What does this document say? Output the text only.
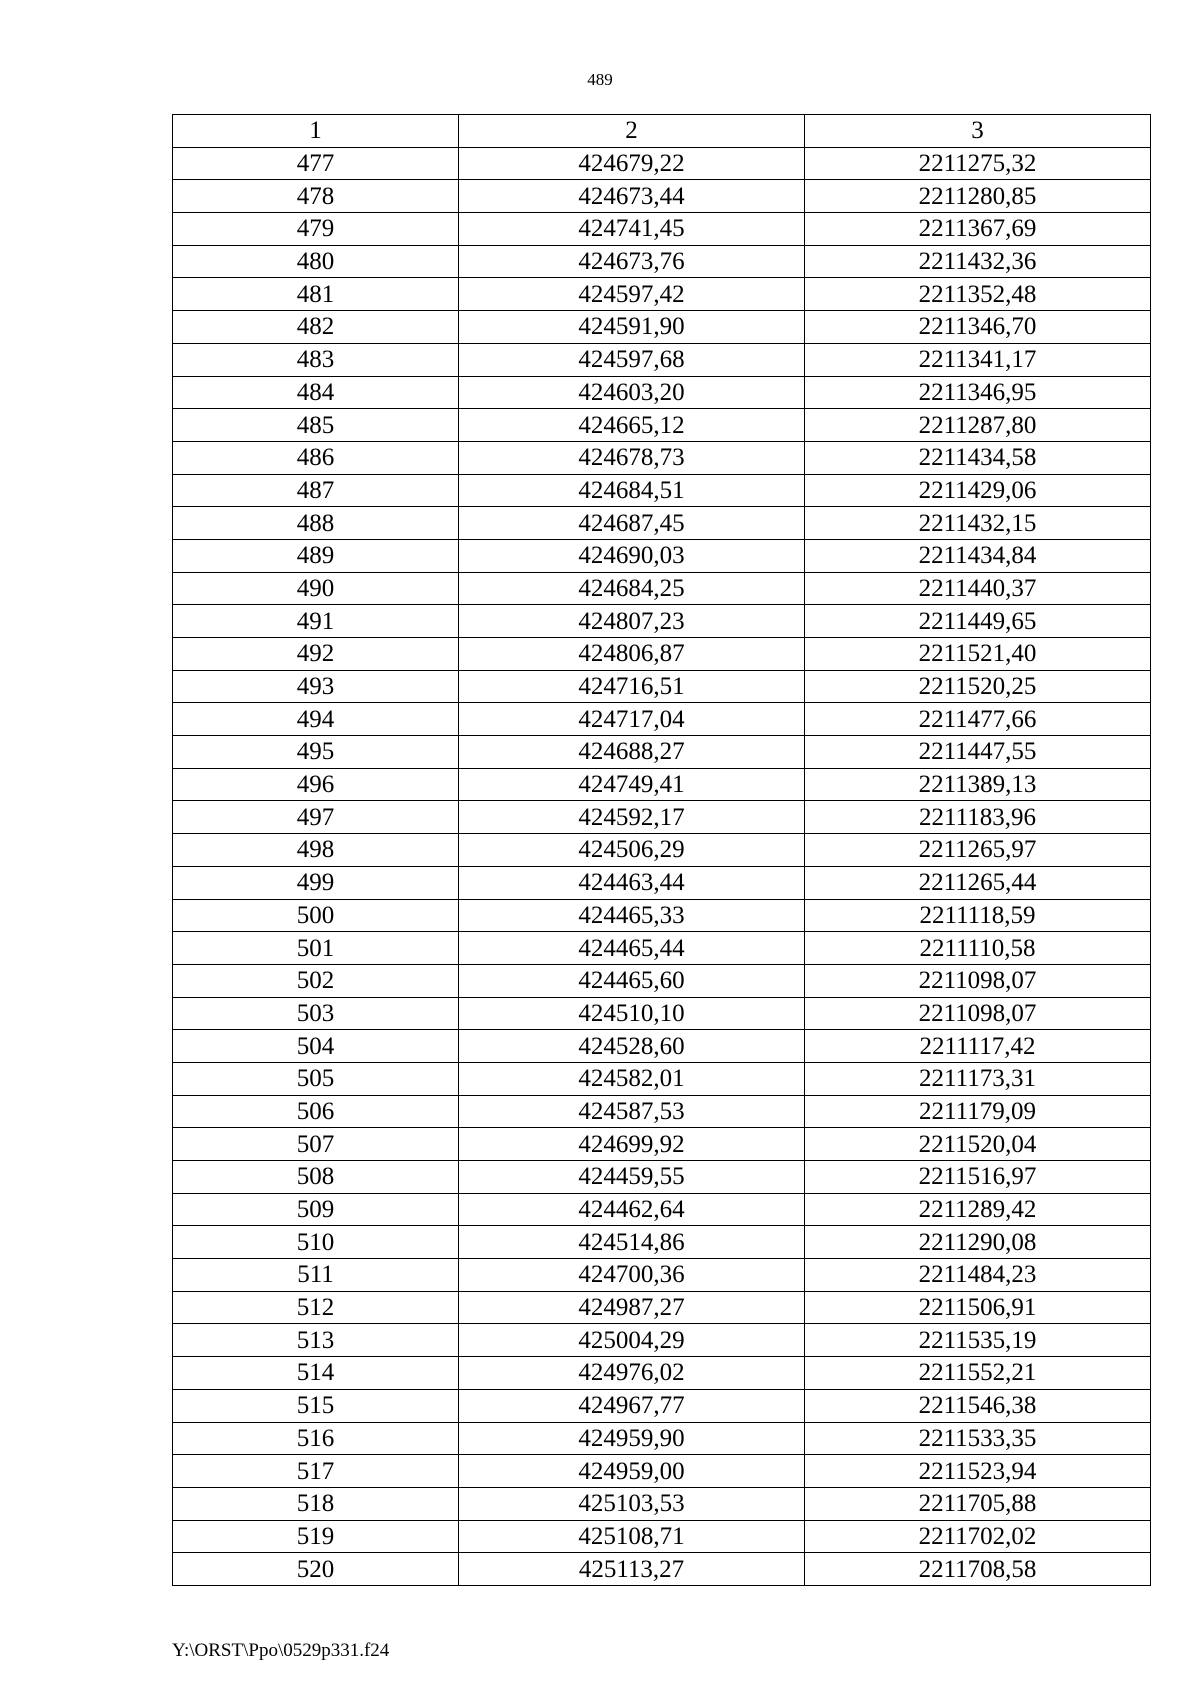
489
1	2	3
477	424679,22	2211275,32
478	424673,44	2211280,85
479	424741,45	2211367,69
480	424673,76	2211432,36
481	424597,42	2211352,48
482	424591,90	2211346,70
483	424597,68	2211341,17
484	424603,20	2211346,95
485	424665,12	2211287,80
486	424678,73	2211434,58
487	424684,51	2211429,06
488	424687,45	2211432,15
489	424690,03	2211434,84
490	424684,25	2211440,37
491	424807,23	2211449,65
492	424806,87	2211521,40
493	424716,51	2211520,25
494	424717,04	2211477,66
495	424688,27	2211447,55
496	424749,41	2211389,13
497	424592,17	2211183,96
498	424506,29	2211265,97
499	424463,44	2211265,44
500	424465,33	2211118,59
501	424465,44	2211110,58
502	424465,60	2211098,07
503	424510,10	2211098,07
504	424528,60	2211117,42
505	424582,01	2211173,31
506	424587,53	2211179,09
507	424699,92	2211520,04
508	424459,55	2211516,97
509	424462,64	2211289,42
510	424514,86	2211290,08
511	424700,36	2211484,23
512	424987,27	2211506,91
513	425004,29	2211535,19
514	424976,02	2211552,21
515	424967,77	2211546,38
516	424959,90	2211533,35
517	424959,00	2211523,94
518	425103,53	2211705,88
519	425108,71	2211702,02
520	425113,27	2211708,58
Y:\ORST\Ppo\0529p331.f24
